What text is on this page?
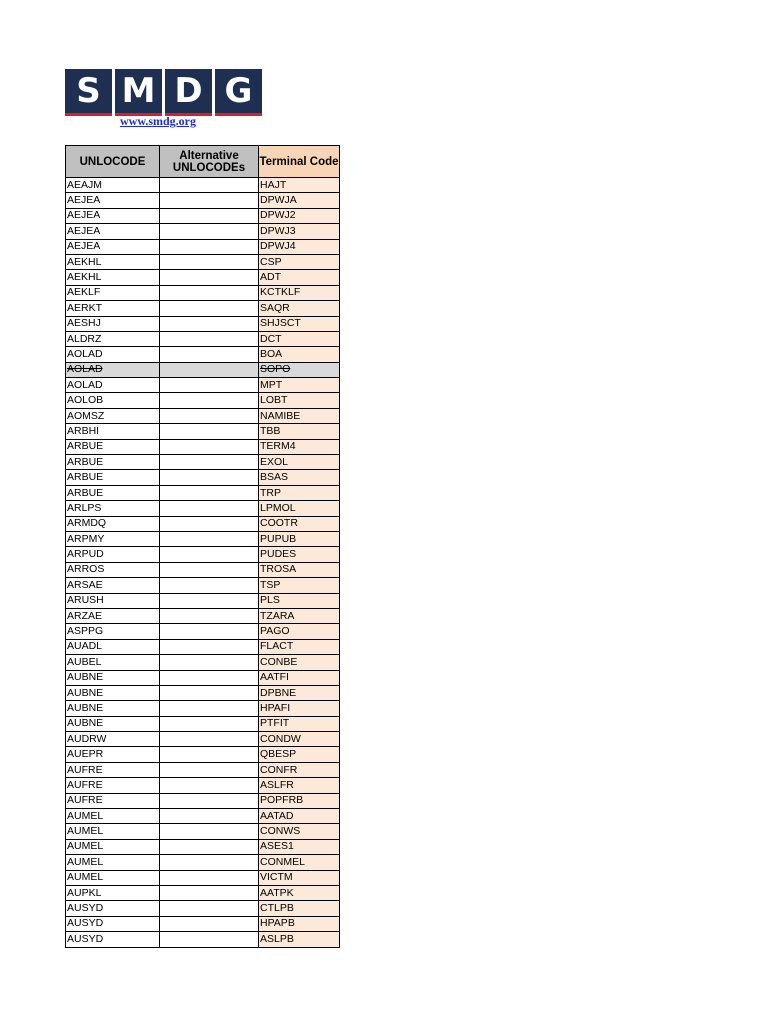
S M D G
www.smdg.org
UNLOCODE	Alternative UNLOCODEs	Terminal Code
AEAJM		HAJT
AEJEA		DPWJA
AEJEA		DPWJ2
AEJEA		DPWJ3
AEJEA		DPWJ4
AEKHL		CSP
AEKHL		ADT
AEKLF		KCTKLF
AERKT		SAQR
AESHJ		SHJSCT
ALDRZ		DCT
AOLAD		BOA
AOLAD		SOPO
AOLAD		MPT
AOLOB		LOBT
AOMSZ		NAMIBE
ARBHI		TBB
ARBUE		TERM4
ARBUE		EXOL
ARBUE		BSAS
ARBUE		TRP
ARLPS		LPMOL
ARMDQ		COOTR
ARPMY		PUPUB
ARPUD		PUDES
ARROS		TROSA
ARSAE		TSP
ARUSH		PLS
ARZAE		TZARA
ASPPG		PAGO
AUADL		FLACT
AUBEL		CONBE
AUBNE		AATFI
AUBNE		DPBNE
AUBNE		HPAFI
AUBNE		PTFIT
AUDRW		CONDW
AUEPR		QBESP
AUFRE		CONFR
AUFRE		ASLFR
AUFRE		POPFRB
AUMEL		AATAD
AUMEL		CONWS
AUMEL		ASES1
AUMEL		CONMEL
AUMEL		VICTM
AUPKL		AATPK
AUSYD		CTLPB
AUSYD		HPAPB
AUSYD		ASLPB
